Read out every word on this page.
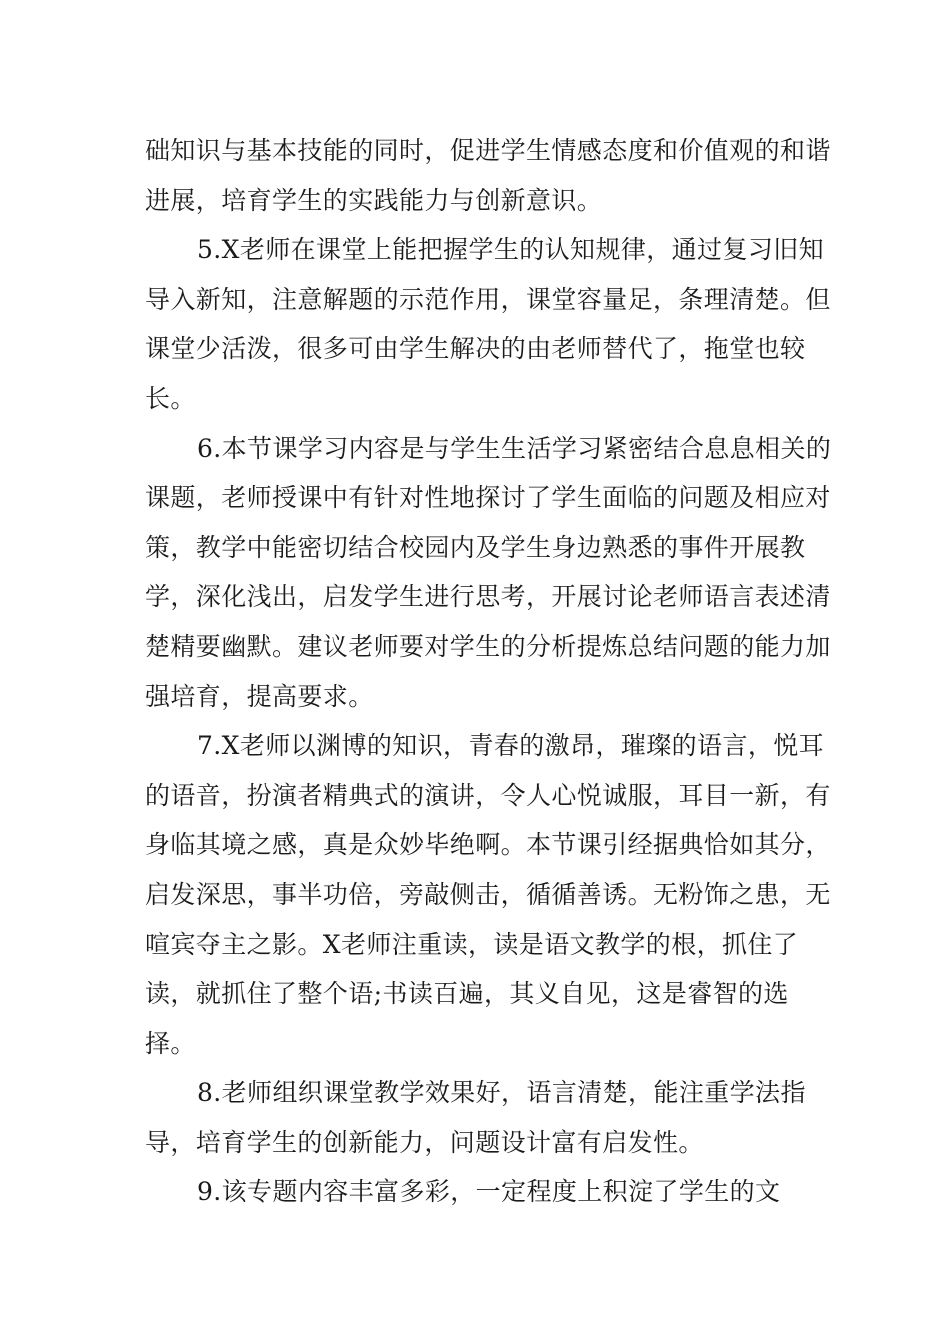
础知识与基本技能的同时，促进学生情感态度和价值观的和谐进展，培育学生的实践能力与创新意识。

5.X老师在课堂上能把握学生的认知规律，通过复习旧知导入新知，注意解题的示范作用，课堂容量足，条理清楚。但课堂少活泼，很多可由学生解决的由老师替代了，拖堂也较长。

6.本节课学习内容是与学生生活学习紧密结合息息相关的课题，老师授课中有针对性地探讨了学生面临的问题及相应对策，教学中能密切结合校园内及学生身边熟悉的事件开展教学，深化浅出，启发学生进行思考，开展讨论老师语言表述清楚精要幽默。建议老师要对学生的分析提炼总结问题的能力加强培育，提高要求。

7.X老师以渊博的知识，青春的激昂，璀璨的语言，悦耳的语音，扮演者精典式的演讲，令人心悦诚服，耳目一新，有身临其境之感，真是众妙毕绝啊。本节课引经据典恰如其分，启发深思，事半功倍，旁敲侧击，循循善诱。无粉饰之患，无喧宾夺主之影。X老师注重读，读是语文教学的根，抓住了读，就抓住了整个语;书读百遍，其义自见，这是睿智的选择。

8.老师组织课堂教学效果好，语言清楚，能注重学法指导，培育学生的创新能力，问题设计富有启发性。

9.该专题内容丰富多彩，一定程度上积淀了学生的文
